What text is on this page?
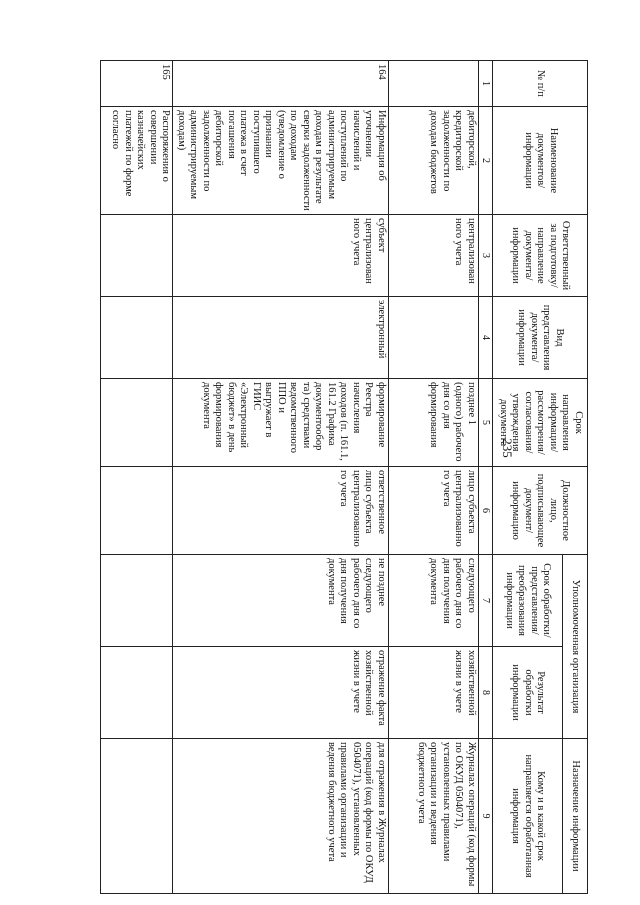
235
№ п/п	Наименование документов/ информации	Ответственный за подготовку/ направление документа/ информации	Вид представления документа/ информации	Срок направления информации/ рассмотрения/ согласования/ утверждения документа	Должностное лицо, подписывающее документ/ информацию	Уполномоченная организация		Назначение информации
						Срок обработки/ представления/ преобразования информации	Результат обработки информации	Кому и в какой срок направляется обработанная информация
1	2	3	4	5	6	7	8	9
	дебиторской, кредиторской задолженности по доходам бюджетов	централизован ного учета		позднее 1 (одного) рабочего дня со дня формирования	лицо субъекта централизованно го учета	следующего рабочего дня со дня получения документа	хозяйственной жизни в учете	Журналах операций (код формы по ОКУД 0504071), установленных правилами организации и ведения бюджетного учета
164	Информация об уточнении начислений и поступлений по администрируемым доходам в результате сверки задолженности по доходам (уведомление о признании поступившего платежа в счет погашения дебиторской задолженности по администрируемым доходам)	субъект централизован ного учета	электронный	формирование Реестра начисления доходов (п. 161.1, 161.2 Графика документообор та) средствами ведомственного ППО и выгружает в ГИИС «Электронный бюджет» в день формирования документа	ответственное лицо субъекта централизованно го учета	не позднее следующего рабочего дня со дня получения документа	отражение факта хозяйственной жизни в учете	для отражения в Журналах операций (код формы по ОКУД 0504071), установленных правилами организации и ведения бюджетного учета
165	Распоряжения о совершении казначейских платежей по форме согласно							
